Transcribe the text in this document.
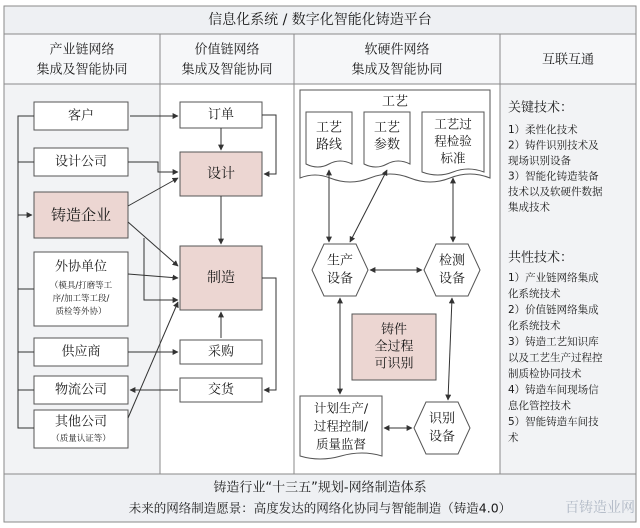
信息化系统 / 数字化智能化铸造平台
产业链网络
集成及智能协同
价值链网络
集成及智能协同
软硬件网络
集成及智能协同
互联互通
客户
设计公司
铸造企业
外协单位
（模具/打磨等工
序/加工等工段/
质检等外协）
供应商
物流公司
其他公司
（质量认证等）
订单
设计
制造
采购
交货
工艺
工艺
路线
工艺
参数
工艺过
程检验
标准
生产
设备
检测
设备
铸件
全过程
可识别
计划生产/
过程控制/
质量监督
识别
设备
关键技术：
1）柔性化技术
2）铸件识别技术及
现场识别设备
3）智能化铸造装备
技术以及软硬件数据
集成技术
共性技术：
1）产业链网络集成
化系统技术
2）价值链网络集成
化系统技术
3）铸造工艺知识库
以及工艺生产过程控
制质检协同技术
4）铸造车间现场信
息化管控技术
5）智能铸造车间技
术
铸造行业“十三五”规划-网络制造体系
未来的网络制造愿景：高度发达的网络化协同与智能制造（铸造4.0）	百铸造业网
